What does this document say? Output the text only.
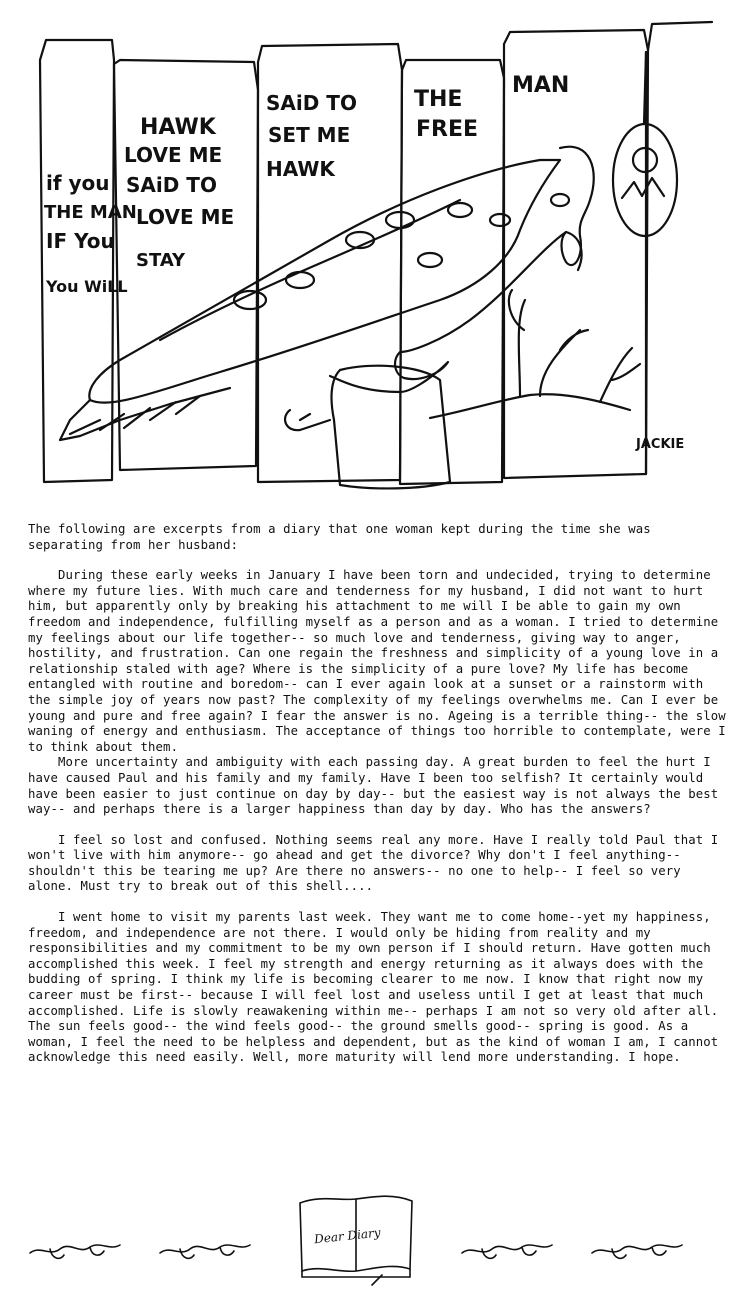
if you
THE MAN
IF You
You WiLL
HAWK
LOVE ME
SAiD TO
LOVE ME
STAY
SAiD TO
SET ME
HAWK
THE
FREE
MAN
JACKIE

The following are excerpts from a diary that one woman kept during the time she was separating from her husband:

During these early weeks in January I have been torn and undecided, trying to determine where my future lies. With much care and tenderness for my husband, I did not want to hurt him, but apparently only by breaking his attachment to me will I be able to gain my own freedom and independence, fulfilling myself as a person and as a woman. I tried to determine my feelings about our life together-- so much love and tenderness, giving way to anger, hostility, and frustration. Can one regain the freshness and simplicity of a young love in a relationship staled with age? Where is the simplicity of a pure love? My life has become entangled with routine and boredom-- can I ever again look at a sunset or a rainstorm with the simple joy of years now past? The complexity of my feelings overwhelms me. Can I ever be young and pure and free again? I fear the answer is no. Ageing is a terrible thing-- the slow waning of energy and enthusiasm. The acceptance of things too horrible to contemplate, were I to think about them.

More uncertainty and ambiguity with each passing day. A great burden to feel the hurt I have caused Paul and his family and my family. Have I been too selfish? It certainly would have been easier to just continue on day by day-- but the easiest way is not always the best way-- and perhaps there is a larger happiness than day by day. Who has the answers?

I feel so lost and confused. Nothing seems real any more. Have I really told Paul that I won't live with him anymore-- go ahead and get the divorce? Why don't I feel anything-- shouldn't this be tearing me up? Are there no answers-- no one to help-- I feel so very alone. Must try to break out of this shell....

I went home to visit my parents last week. They want me to come home--yet my happiness, freedom, and independence are not there. I would only be hiding from reality and my responsibilities and my commitment to be my own person if I should return. Have gotten much accomplished this week. I feel my strength and energy returning as it always does with the budding of spring. I think my life is becoming clearer to me now. I know that right now my career must be first-- because I will feel lost and useless until I get at least that much accomplished. Life is slowly reawakening within me-- perhaps I am not so very old after all. The sun feels good-- the wind feels good-- the ground smells good-- spring is good. As a woman, I feel the need to be helpless and dependent, but as the kind of woman I am, I cannot acknowledge this need easily. Well, more maturity will lend more understanding. I hope.

Dear Diary
